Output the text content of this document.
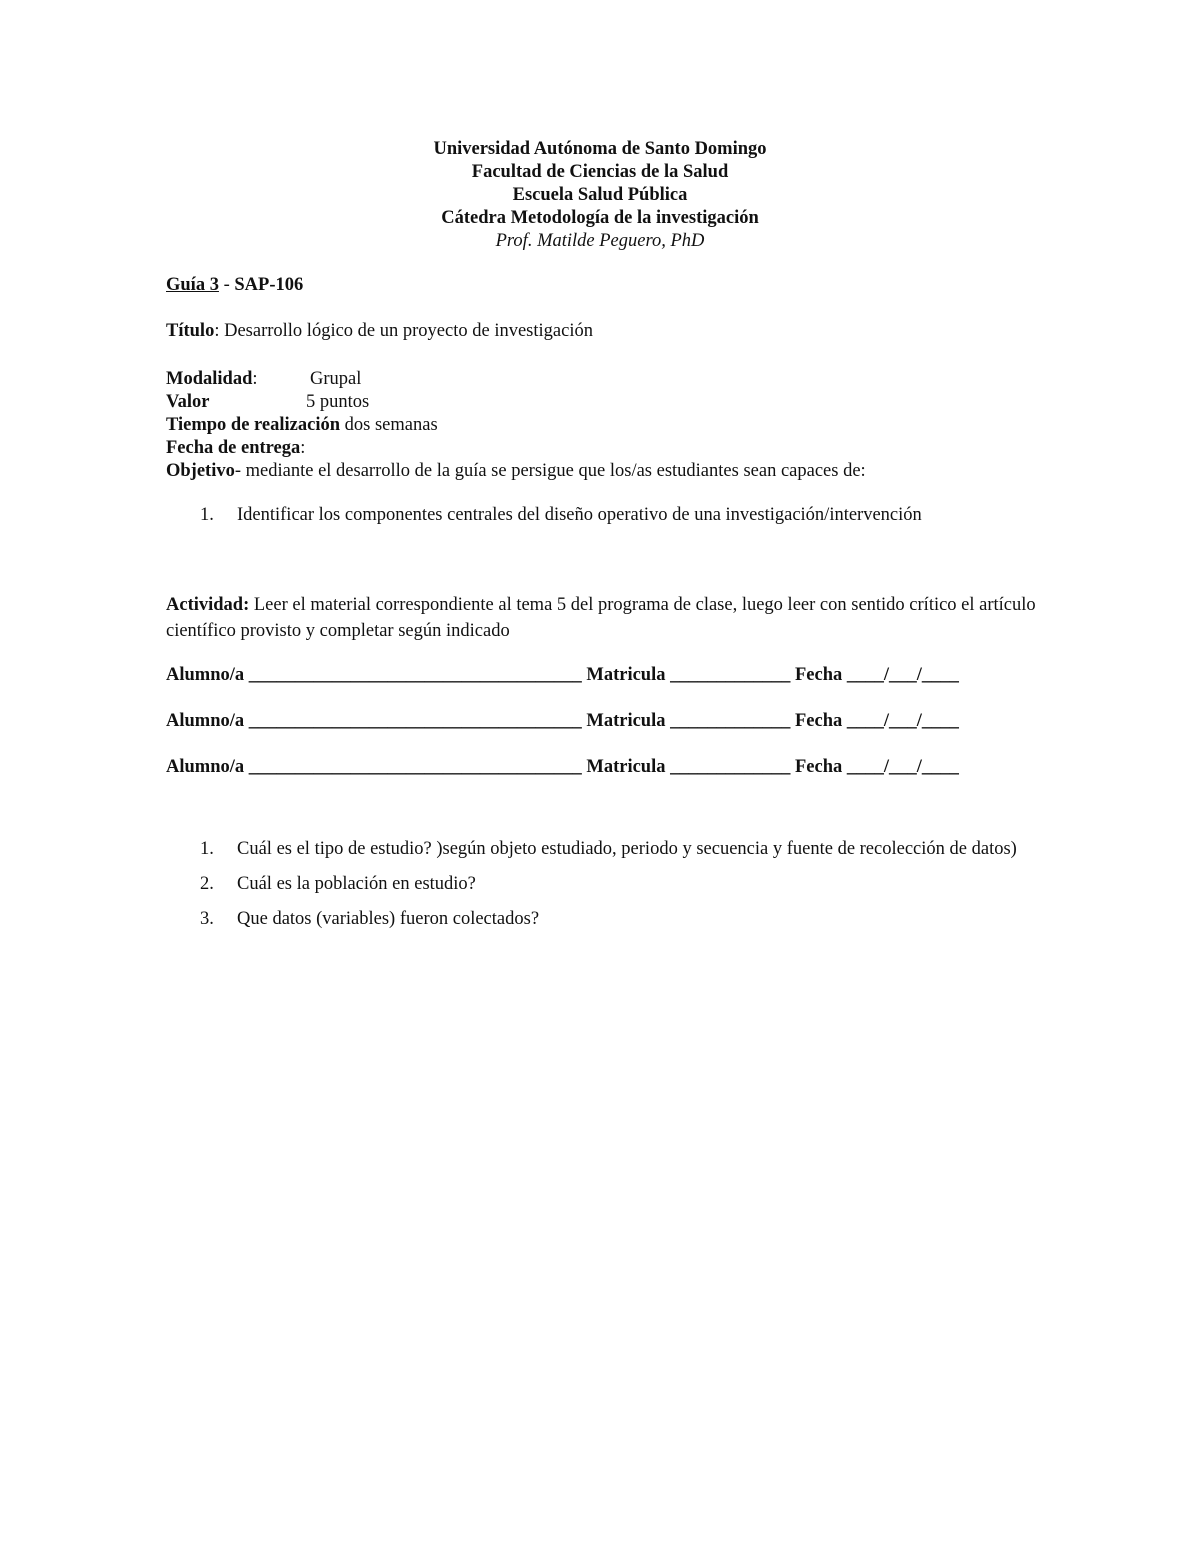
Universidad Autónoma de Santo Domingo
Facultad de Ciencias de la Salud
Escuela Salud Pública
Cátedra Metodología de la investigación
Prof. Matilde Peguero, PhD
Guía 3 - SAP-106
Título: Desarrollo lógico de un proyecto de investigación
Modalidad:	Grupal
Valor	5 puntos
Tiempo de realización dos semanas
Fecha de entrega:
Objetivo- mediante el desarrollo de la guía se persigue que los/as estudiantes sean capaces de:
1. Identificar los componentes centrales del diseño operativo de una investigación/intervención
Actividad: Leer el material correspondiente al tema 5 del programa de clase, luego leer con sentido crítico el artículo científico provisto y completar según indicado
Alumno/a ____________________________________ Matricula _____________ Fecha ____/___/____
Alumno/a ____________________________________ Matricula _____________ Fecha ____/___/____
Alumno/a ____________________________________ Matricula _____________ Fecha ____/___/____
1. Cuál es el tipo de estudio? )según objeto estudiado, periodo y secuencia y fuente de recolección de datos)
2. Cuál es la población en estudio?
3. Que datos (variables) fueron colectados?
